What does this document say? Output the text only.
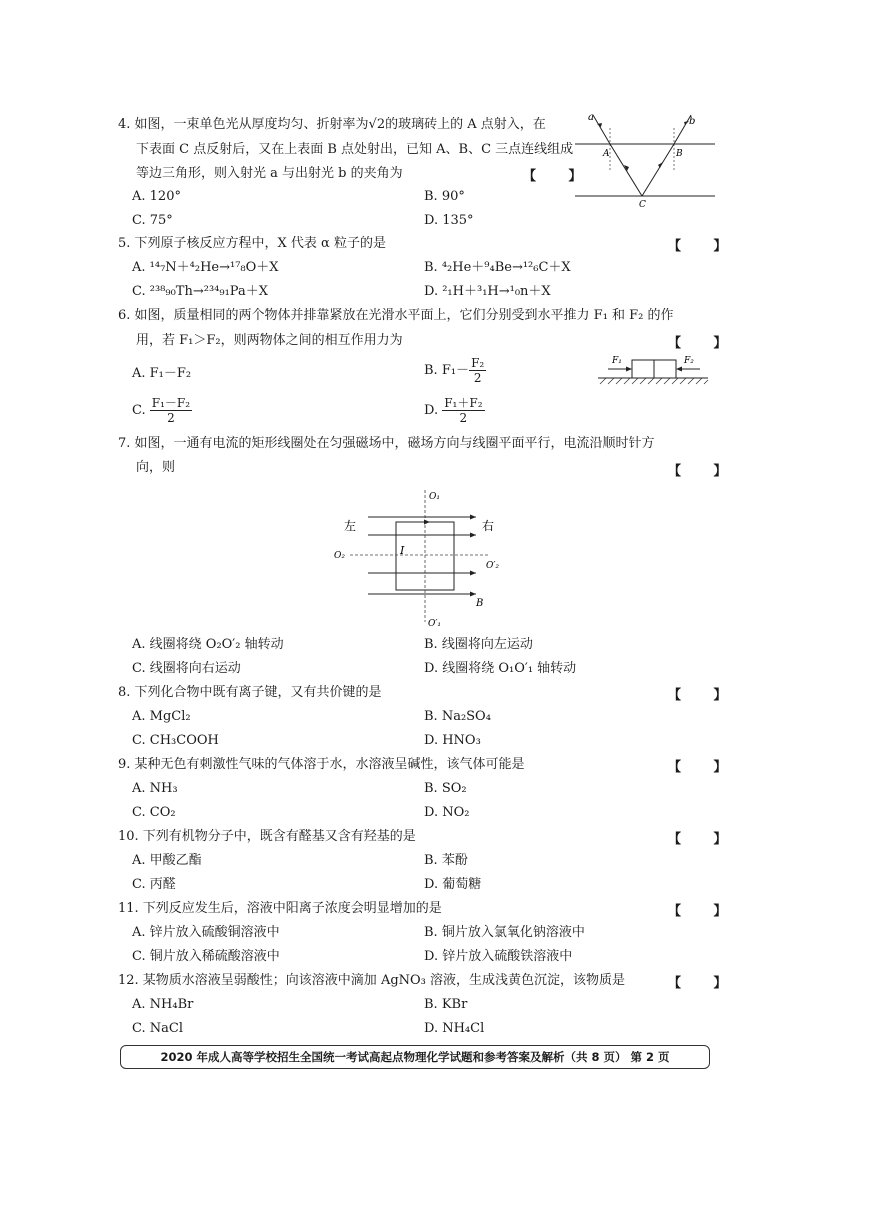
4. 如图，一束单色光从厚度均匀、折射率为√2的玻璃砖上的 A 点射入，在
下表面 C 点反射后，又在上表面 B 点处射出，已知 A、B、C 三点连线组成
等边三角形，则入射光 a 与出射光 b 的夹角为	【 】
A. 120°	B. 90°
C. 75°	D. 135°
a	b
A	B
C
5. 下列原子核反应方程中，X 代表 α 粒子的是	【 】
A. ¹⁴₇N＋⁴₂He→¹⁷₈O＋X	B. ⁴₂He＋⁹₄Be→¹²₆C＋X
C. ²³⁸₉₀Th→²³⁴₉₁Pa＋X	D. ²₁H＋³₁H→¹₀n＋X
6. 如图，质量相同的两个物体并排靠紧放在光滑水平面上，它们分别受到水平推力 F₁ 和 F₂ 的作
用，若 F₁＞F₂，则两物体之间的相互作用力为	【 】
A. F₁－F₂	B. $F_1- \frac{\text{F₂}}{2}$
C. $\frac{\text{F₁－F₂}}{2}$	D. $\frac{\text{F₁＋F₂}}{2}$
F₁	F₂
7. 如图，一通有电流的矩形线圈处在匀强磁场中，磁场方向与线圈平面平行，电流沿顺时针方
向，则	【 】
左	右
O₁
O₂
O′₂
O′₁
I
B
A. 线圈将绕 O₂O′₂ 轴转动	B. 线圈将向左运动
C. 线圈将向右运动	D. 线圈将绕 O₁O′₁ 轴转动
8. 下列化合物中既有离子键，又有共价键的是	【 】
A. MgCl₂	B. Na₂SO₄
C. CH₃COOH	D. HNO₃
9. 某种无色有刺激性气味的气体溶于水，水溶液呈碱性，该气体可能是	【 】
A. NH₃	B. SO₂
C. CO₂	D. NO₂
10. 下列有机物分子中，既含有醛基又含有羟基的是	【 】
A. 甲酸乙酯	B. 苯酚
C. 丙醛	D. 葡萄糖
11. 下列反应发生后，溶液中阳离子浓度会明显增加的是	【 】
A. 锌片放入硫酸铜溶液中	B. 铜片放入氯氧化钠溶液中
C. 铜片放入稀硫酸溶液中	D. 锌片放入硫酸铁溶液中
12. 某物质水溶液呈弱酸性；向该溶液中滴加 AgNO₃ 溶液，生成浅黄色沉淀，该物质是	【 】
A. NH₄Br	B. KBr
C. NaCl	D. NH₄Cl
2020 年成人高等学校招生全国统一考试高起点物理化学试题和参考答案及解析（共 8 页） 第 2 页
